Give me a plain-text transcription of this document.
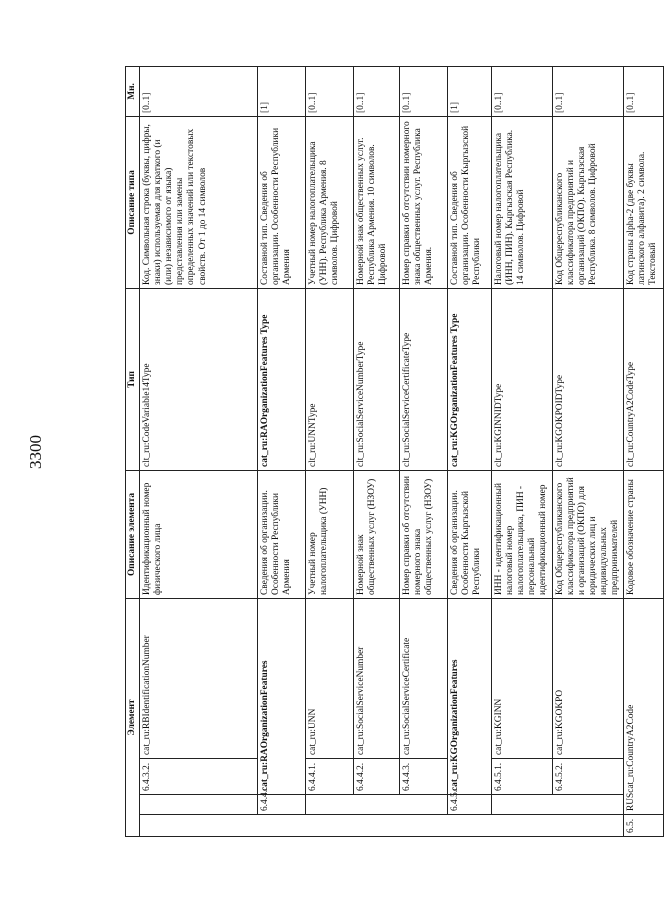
3300
Элемент				Описание элемента	Тип	Описание типа	Мн.
		6.4.3.2.	cat_ru:RBIdentificationNumber	Идентификационный номер физического лица	clt_ru:CodeVariable14Type	Код. Символьная строка (буквы, цифры, знаки) используемая для краткого (и (или) независимого от языка) представления или замены определенных значений или текстовых свойств. От 1 до 14 символов	[0..1]
	6.4.4.	cat_ru:RAOrganizationFeatures		Сведения об организации. Особенности Республики Армения	cat_ru:RAOrganizationFeatures Type	Составной тип. Сведения об организации. Особенности Республики Армения	[1]
		6.4.4.1.	cat_ru:UNN	Учетный номер налогоплательщика (УНН)	clt_ru:UNNType	Учетный номер налогоплательщика (УНН). Республика Армения. 8 символов. Цифровой	[0..1]
		6.4.4.2.	cat_ru:SocialServiceNumber	Номерной знак общественных услуг (НЗОУ)	clt_ru:SocialServiceNumberType	Номерной знак общественных услуг. Республика Армения. 10 символов. Цифровой	[0..1]
		6.4.4.3.	cat_ru:SocialServiceCertificate	Номер справки об отсутствии номерного знака общественных услуг (НЗОУ)	clt_ru:SocialServiceCertificateType	Номер справки об отсутствии номерного знака общественных услуг. Республика Армения.	[0..1]
	6.4.5.	cat_ru:KGOrganizationFeatures		Сведения об организации. Особенности Кыргызской Республики	cat_ru:KGOrganizationFeatures Type	Составной тип. Сведения об организации. Особенности Кыргызской Республики	[1]
		6.4.5.1.	cat_ru:KGINN	ИНН - идентификационный налоговый номер налогоплательщика, ПИН - персональный идентификационный номер	clt_ru:KGINNIDType	Налоговый номер налогоплательщика (ИНН, ПИН). Кыргызская Республика. 14 символов. Цифровой	[0..1]
		6.4.5.2.	cat_ru:KGOKPO	Код Общереспубликанского классификатора предприятий и организаций (ОКПО) для юридических лиц и индивидуальных предпринимателей	clt_ru:KGOKPOIDType	Код Общереспубликанского классификатора предприятий и организаций (ОКПО). Кыргызская Республика. 8 символов. Цифровой	[0..1]
6.5.	RUScat_ru:CountryA2Code			Кодовое обозначение страны	clt_ru:CountryA2CodeType	Код страны alpha-2 (две буквы латинского алфавита). 2 символа. Текстовый	[0..1]
